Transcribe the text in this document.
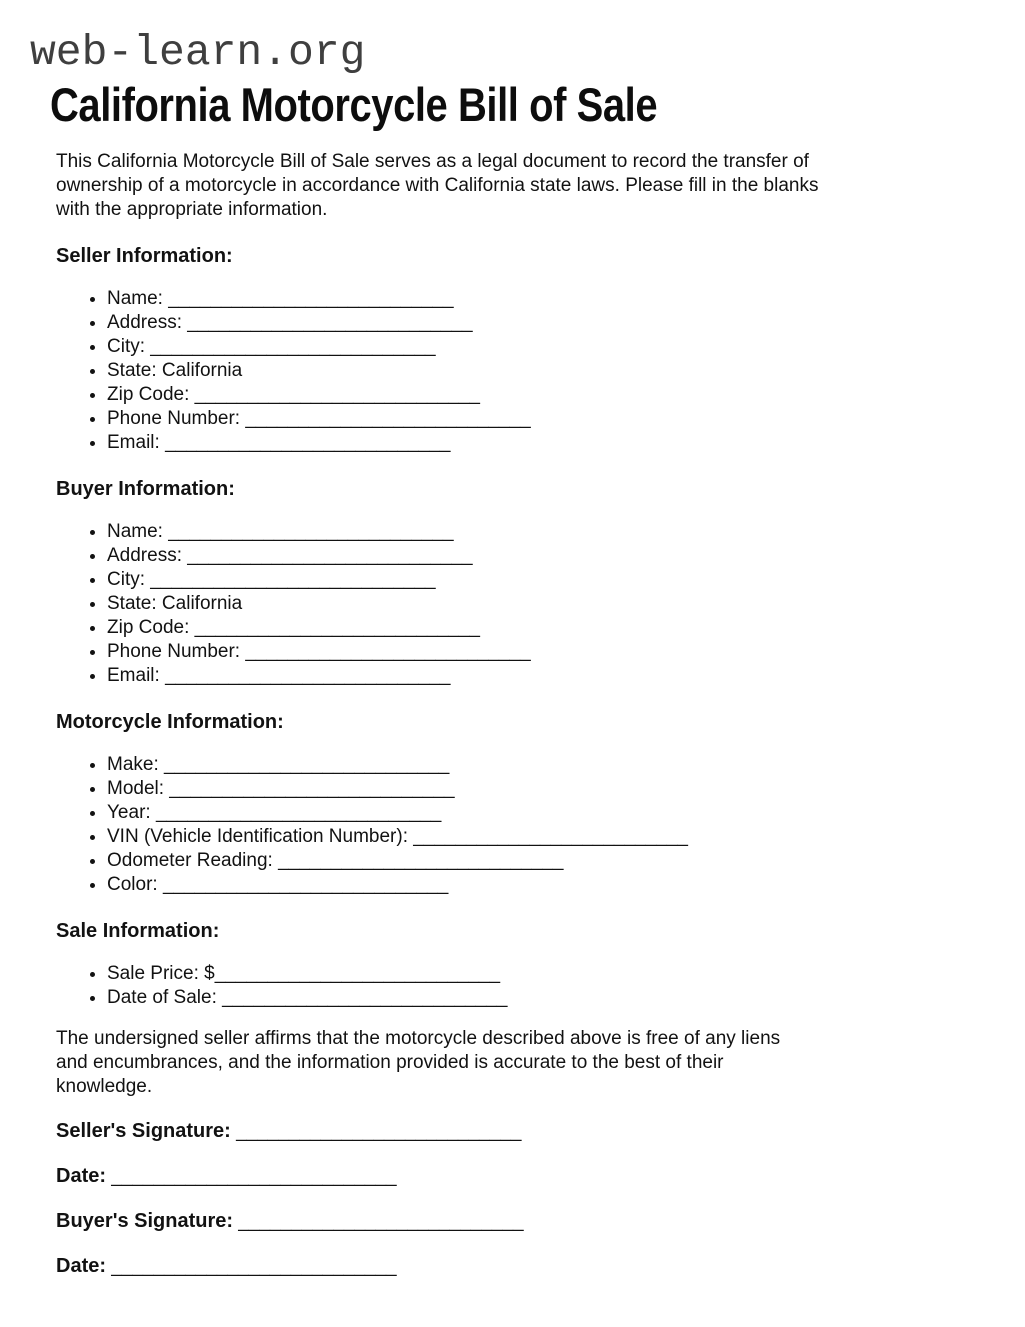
web-learn.org
California Motorcycle Bill of Sale
This California Motorcycle Bill of Sale serves as a legal document to record the transfer of
ownership of a motorcycle in accordance with California state laws. Please fill in the blanks
with the appropriate information.
Seller Information:
• Name: ___________________________
• Address: ___________________________
• City: ___________________________
• State: California
• Zip Code: ___________________________
• Phone Number: ___________________________
• Email: ___________________________
Buyer Information:
• Name: ___________________________
• Address: ___________________________
• City: ___________________________
• State: California
• Zip Code: ___________________________
• Phone Number: ___________________________
• Email: ___________________________
Motorcycle Information:
• Make: ___________________________
• Model: ___________________________
• Year: ___________________________
• VIN (Vehicle Identification Number): __________________________
• Odometer Reading: ___________________________
• Color: ___________________________
Sale Information:
• Sale Price: $___________________________
• Date of Sale: ___________________________
The undersigned seller affirms that the motorcycle described above is free of any liens
and encumbrances, and the information provided is accurate to the best of their
knowledge.

Seller's Signature: ___________________________

Date: ___________________________

Buyer's Signature: ___________________________

Date: ___________________________
